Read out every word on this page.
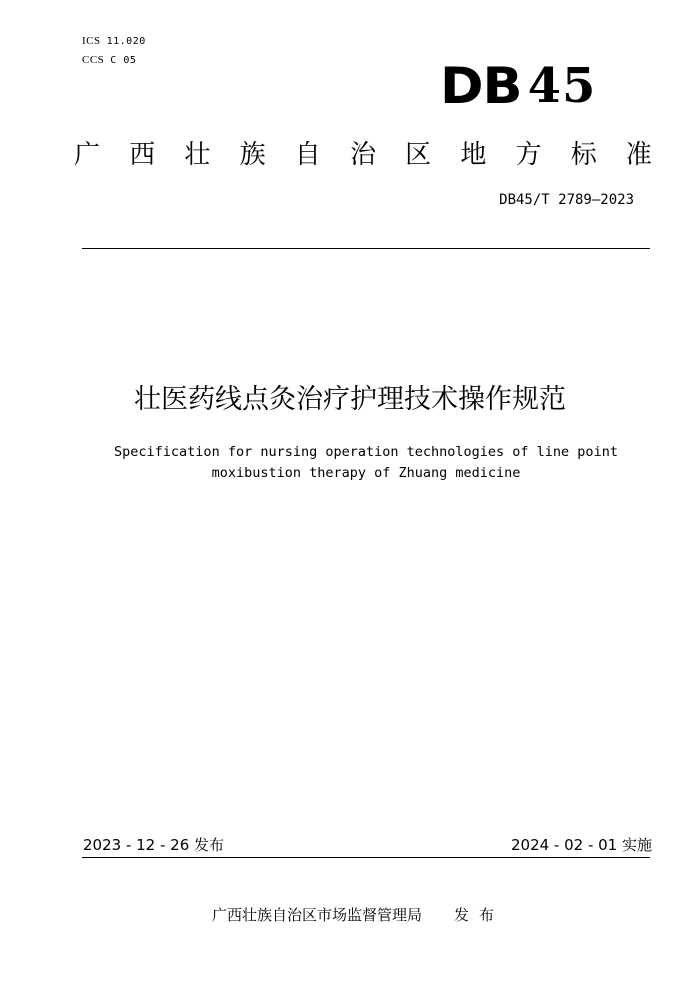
ICS 11.020
CCS C 05	DB 45
广 西 壮 族 自 治 区 地 方 标 准
DB45/T 2789—2023
壮医药线点灸治疗护理技术操作规范
Specification for nursing operation technologies of line point
moxibustion therapy of Zhuang medicine
2023 - 12 - 26 发布	2024 - 02 - 01 实施
广西壮族自治区市场监督管理局 发布
